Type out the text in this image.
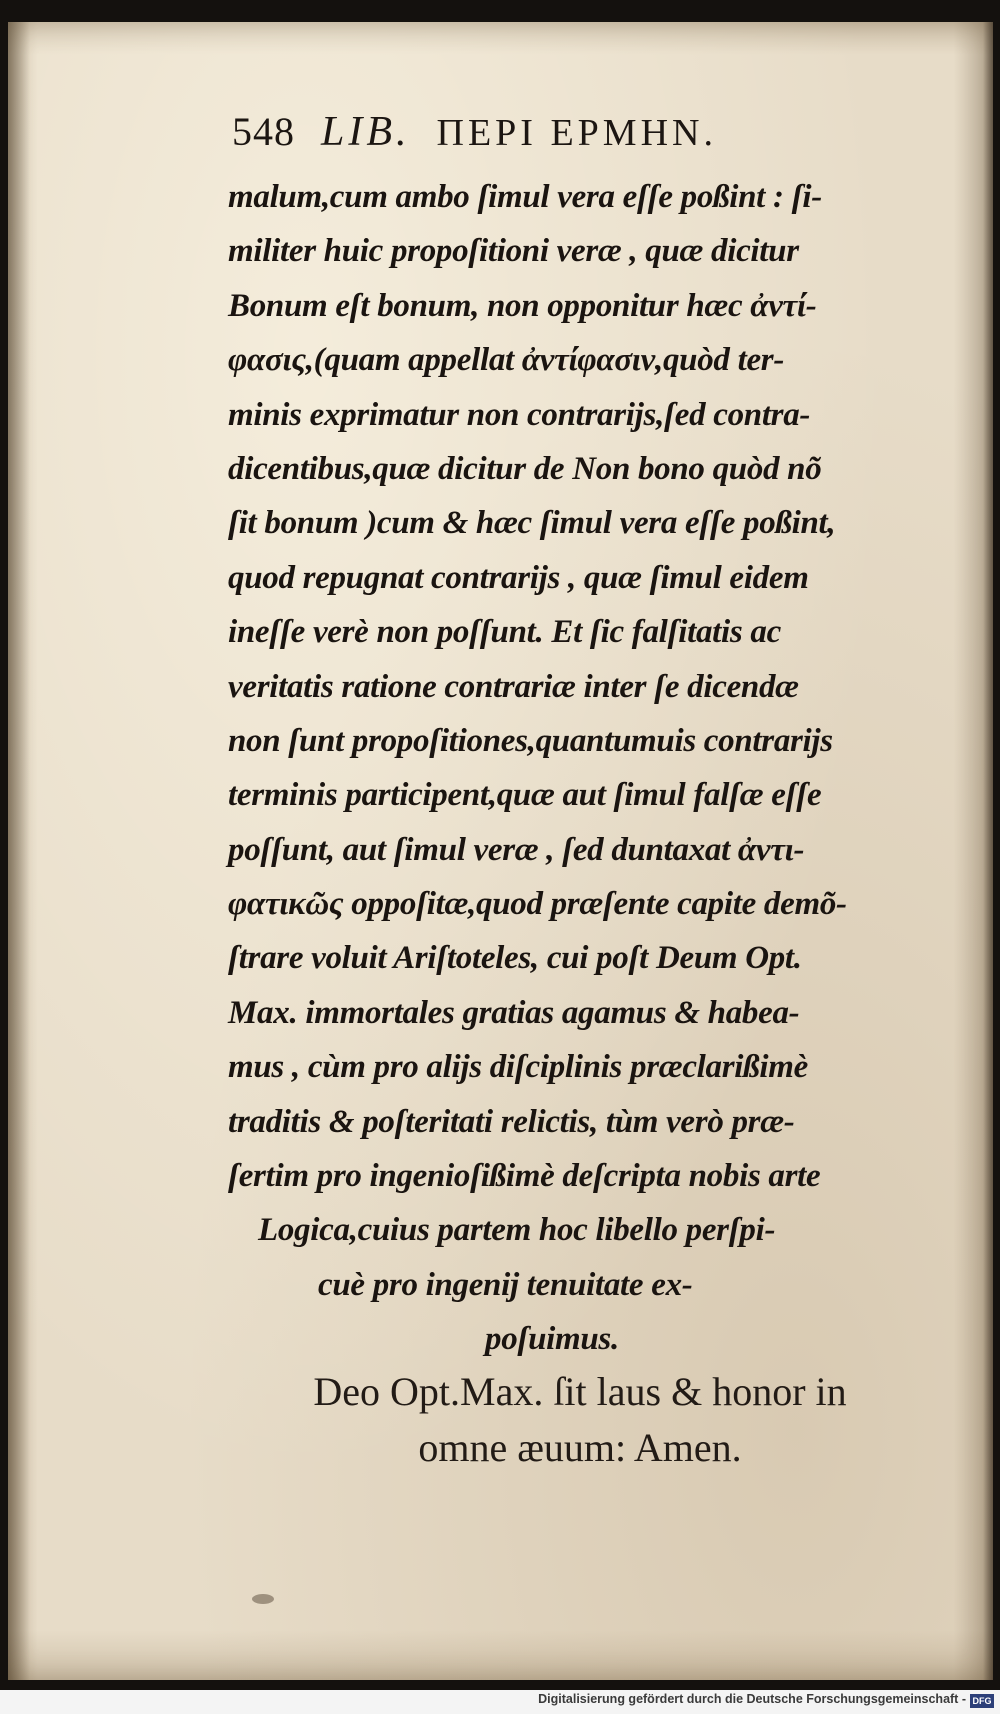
548 LIB. ΠΕΡΙ ΕΡΜΗΝ.
malum,cum ambo ſimul vera eſſe poßint : ſi-
militer huic propoſitioni veræ , quæ dicitur
Bonum eſt bonum, non opponitur hæc ἀντί-
φασις,(quam appellat ἀντίφασιν,quòd ter-
minis exprimatur non contrarijs,ſed contra-
dicentibus,quæ dicitur de Non bono quòd nõ
ſit bonum )cum & hæc ſimul vera eſſe poßint,
quod repugnat contrarijs , quæ ſimul eidem
ineſſe verè non poſſunt. Et ſic falſitatis ac
veritatis ratione contrariæ inter ſe dicendæ
non ſunt propoſitiones,quantumuis contrarijs
terminis participent,quæ aut ſimul falſæ eſſe
poſſunt, aut ſimul veræ , ſed duntaxat ἀντι-
φατικῶς oppoſitæ,quod præſente capite demõ-
ſtrare voluit Ariſtoteles, cui poſt Deum Opt.
Max. immortales gratias agamus & habea-
mus , cùm pro alijs diſciplinis præclarißimè
traditis & poſteritati relictis, tùm verò præ-
ſertim pro ingenioſißimè deſcripta nobis arte
Logica,cuius partem hoc libello perſpi-
cuè pro ingenij tenuitate ex-
poſuimus.
Deo Opt.Max. ſit laus & honor in
omne æuum: Amen.
Digitalisierung gefördert durch die Deutsche Forschungsgemeinschaft - DFG
